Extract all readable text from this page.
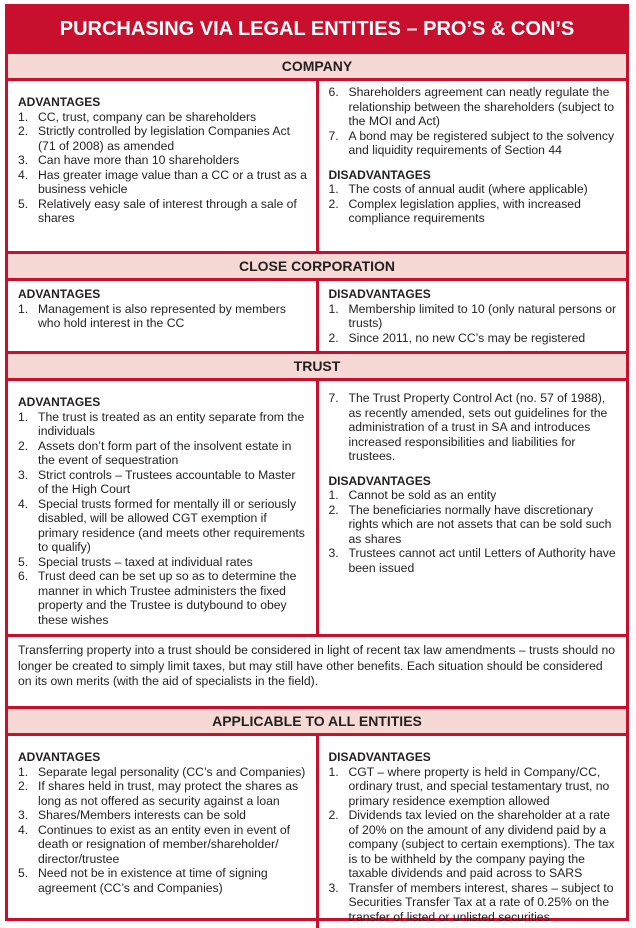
PURCHASING VIA LEGAL ENTITIES – PRO’S & CON’S
COMPANY
ADVANTAGES
1. CC, trust, company can be shareholders
2. Strictly controlled by legislation Companies Act (71 of 2008) as amended
3. Can have more than 10 shareholders
4. Has greater image value than a CC or a trust as a business vehicle
5. Relatively easy sale of interest through a sale of shares
6. Shareholders agreement can neatly regulate the relationship between the shareholders (subject to the MOI and Act)
7. A bond may be registered subject to the solvency and liquidity requirements of Section 44
DISADVANTAGES
1. The costs of annual audit (where applicable)
2. Complex legislation applies, with increased compliance requirements
CLOSE CORPORATION
ADVANTAGES
1. Management is also represented by members who hold interest in the CC
DISADVANTAGES
1. Membership limited to 10 (only natural persons or trusts)
2. Since 2011, no new CC’s may be registered
TRUST
ADVANTAGES
1. The trust is treated as an entity separate from the individuals
2. Assets don’t form part of the insolvent estate in the event of sequestration
3. Strict controls – Trustees accountable to Master of the High Court
4. Special trusts formed for mentally ill or seriously disabled, will be allowed CGT exemption if primary residence (and meets other requirements to qualify)
5. Special trusts – taxed at individual rates
6. Trust deed can be set up so as to determine the manner in which Trustee administers the fixed property and the Trustee is dutybound to obey these wishes
7. The Trust Property Control Act (no. 57 of 1988), as recently amended, sets out guidelines for the administration of a trust in SA and introduces increased responsibilities and liabilities for trustees.
DISADVANTAGES
1. Cannot be sold as an entity
2. The beneficiaries normally have discretionary rights which are not assets that can be sold such as shares
3. Trustees cannot act until Letters of Authority have been issued
Transferring property into a trust should be considered in light of recent tax law amendments – trusts should no longer be created to simply limit taxes, but may still have other benefits. Each situation should be considered on its own merits (with the aid of specialists in the field).
APPLICABLE TO ALL ENTITIES
ADVANTAGES
1. Separate legal personality (CC’s and Companies)
2. If shares held in trust, may protect the shares as long as not offered as security against a loan
3. Shares/Members interests can be sold
4. Continues to exist as an entity even in event of death or resignation of member/shareholder/ director/trustee
5. Need not be in existence at time of signing agreement (CC’s and Companies)
DISADVANTAGES
1. CGT – where property is held in Company/CC, ordinary trust, and special testamentary trust, no primary residence exemption allowed
2. Dividends tax levied on the shareholder at a rate of 20% on the amount of any dividend paid by a company (subject to certain exemptions). The tax is to be withheld by the company paying the taxable dividends and paid across to SARS
3. Transfer of members interest, shares – subject to Securities Transfer Tax at a rate of 0.25% on the transfer of listed or unlisted securities
